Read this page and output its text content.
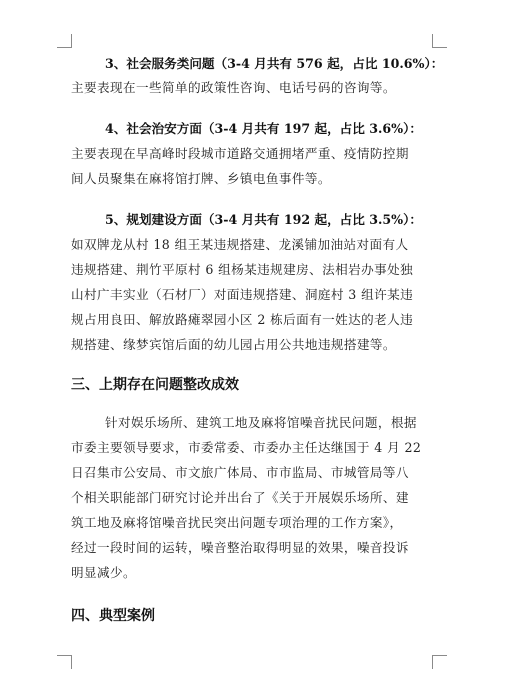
3、社会服务类问题（3-4 月共有 576 起，占比 10.6%）：
主要表现在一些简单的政策性咨询、电话号码的咨询等。
4、社会治安方面（3-4 月共有 197 起，占比 3.6%）：
主要表现在早高峰时段城市道路交通拥堵严重、疫情防控期
间人员聚集在麻将馆打牌、乡镇电鱼事件等。
5、规划建设方面（3-4 月共有 192 起，占比 3.5%）：
如双牌龙从村 18 组王某违规搭建、龙溪铺加油站对面有人
违规搭建、荆竹平原村 6 组杨某违规建房、法相岩办事处独
山村广丰实业（石材厂）对面违规搭建、洞庭村 3 组许某违
规占用良田、解放路瘫翠园小区 2 栋后面有一姓达的老人违
规搭建、缘梦宾馆后面的幼儿园占用公共地违规搭建等。
三、上期存在问题整改成效
针对娱乐场所、建筑工地及麻将馆噪音扰民问题，根据
市委主要领导要求，市委常委、市委办主任达继国于 4 月 22
日召集市公安局、市文旅广体局、市市监局、市城管局等八
个相关职能部门研究讨论并出台了《关于开展娱乐场所、建
筑工地及麻将馆噪音扰民突出问题专项治理的工作方案》，
经过一段时间的运转，噪音整治取得明显的效果，噪音投诉
明显减少。
四、典型案例
